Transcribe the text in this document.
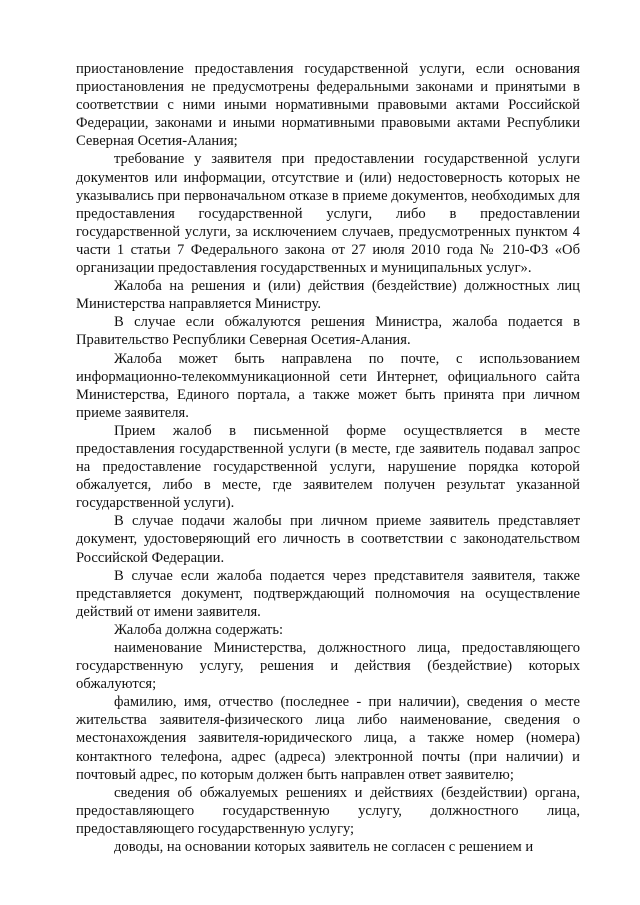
приостановление предоставления государственной услуги, если основания приостановления не предусмотрены федеральными законами и принятыми в соответствии с ними иными нормативными правовыми актами Российской Федерации, законами и иными нормативными правовыми актами Республики Северная Осетия-Алания;

требование у заявителя при предоставлении государственной услуги документов или информации, отсутствие и (или) недостоверность которых не указывались при первоначальном отказе в приеме документов, необходимых для предоставления государственной услуги, либо в предоставлении государственной услуги, за исключением случаев, предусмотренных пунктом 4 части 1 статьи 7 Федерального закона от 27 июля 2010 года № 210-ФЗ «Об организации предоставления государственных и муниципальных услуг».

Жалоба на решения и (или) действия (бездействие) должностных лиц Министерства направляется Министру.

В случае если обжалуются решения Министра, жалоба подается в Правительство Республики Северная Осетия-Алания.

Жалоба может быть направлена по почте, с использованием информационно-телекоммуникационной сети Интернет, официального сайта Министерства, Единого портала, а также может быть принята при личном приеме заявителя.

Прием жалоб в письменной форме осуществляется в месте предоставления государственной услуги (в месте, где заявитель подавал запрос на предоставление государственной услуги, нарушение порядка которой обжалуется, либо в месте, где заявителем получен результат указанной государственной услуги).

В случае подачи жалобы при личном приеме заявитель представляет документ, удостоверяющий его личность в соответствии с законодательством Российской Федерации.

В случае если жалоба подается через представителя заявителя, также представляется документ, подтверждающий полномочия на осуществление действий от имени заявителя.

Жалоба должна содержать:

наименование Министерства, должностного лица, предоставляющего государственную услугу, решения и действия (бездействие) которых обжалуются;

фамилию, имя, отчество (последнее - при наличии), сведения о месте жительства заявителя-физического лица либо наименование, сведения о местонахождения заявителя-юридического лица, а также номер (номера) контактного телефона, адрес (адреса) электронной почты (при наличии) и почтовый адрес, по которым должен быть направлен ответ заявителю;

сведения об обжалуемых решениях и действиях (бездействии) органа, предоставляющего государственную услугу, должностного лица, предоставляющего государственную услугу;

доводы, на основании которых заявитель не согласен с решением и
